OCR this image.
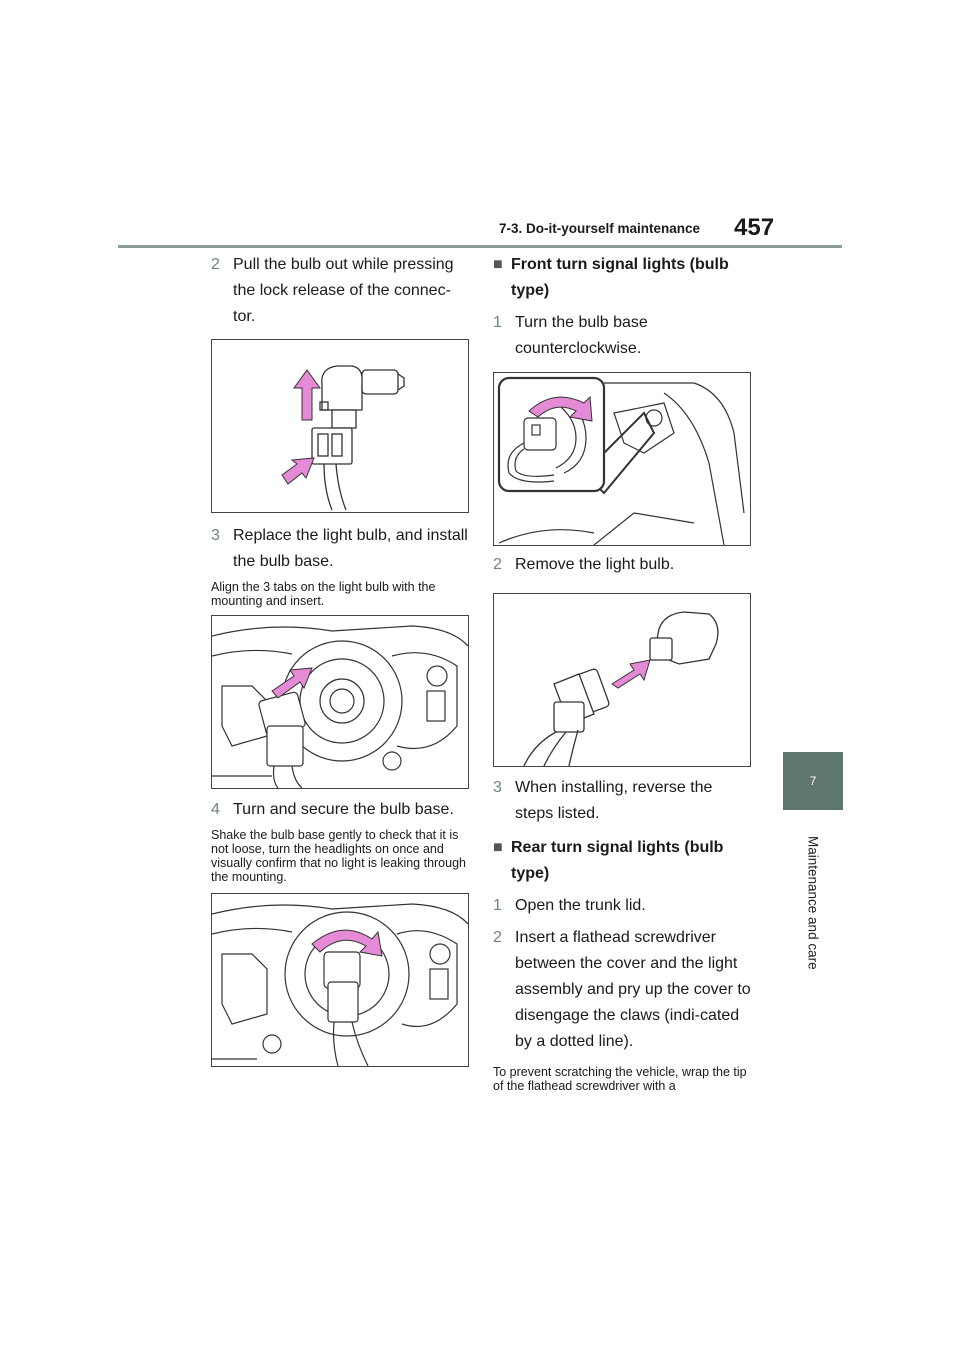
7-3. Do-it-yourself maintenance 457
7
Maintenance and care
2 Pull the bulb out while pressing the lock release of the connec-tor.
3 Replace the light bulb, and install the bulb base.

Align the 3 tabs on the light bulb with the mounting and insert.

4 Turn and secure the bulb base.

Shake the bulb base gently to check that it is not loose, turn the headlights on once and visually confirm that no light is leaking through the mounting.

■ Front turn signal lights (bulb type)
1 Turn the bulb base counterclockwise.
2 Remove the light bulb.
3 When installing, reverse the steps listed.
■ Rear turn signal lights (bulb type)
1 Open the trunk lid.
2 Insert a flathead screwdriver between the cover and the light assembly and pry up the cover to disengage the claws (indi-cated by a dotted line).

To prevent scratching the vehicle, wrap the tip of the flathead screwdriver with a
